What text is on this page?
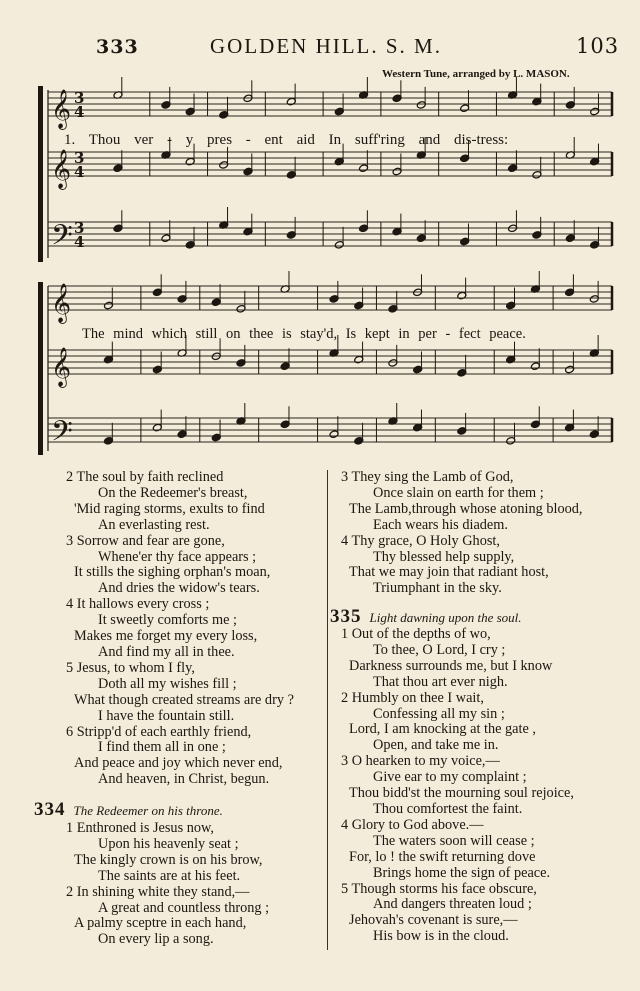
333	GOLDEN HILL. S. M.	103
Western Tune, arranged by L. MASON.
𝄞 3
4
𝄞 3
4
𝄢 3
4
𝄞
𝄞
𝄢
1. Thou ver - y pres - ent aid In suff'ring and dis-tress:
The mind which still on thee is stay'd, Is kept in per - fect peace.
2 The soul by faith reclined
On the Redeemer's breast,
'Mid raging storms, exults to find
An everlasting rest.
3 Sorrow and fear are gone,
Whene'er thy face appears ;
It stills the sighing orphan's moan,
And dries the widow's tears.
4 It hallows every cross ;
It sweetly comforts me ;
Makes me forget my every loss,
And find my all in thee.
5 Jesus, to whom I fly,
Doth all my wishes fill ;
What though created streams are dry ?
I have the fountain still.
6 Stripp'd of each earthly friend,
I find them all in one ;
And peace and joy which never end,
And heaven, in Christ, begun.
334 The Redeemer on his throne.
1 Enthroned is Jesus now,
Upon his heavenly seat ;
The kingly crown is on his brow,
The saints are at his feet.
2 In shining white they stand,—
A great and countless throng ;
A palmy sceptre in each hand,
On every lip a song.
3 They sing the Lamb of God,
Once slain on earth for them ;
The Lamb,through whose atoning blood,
Each wears his diadem.
4 Thy grace, O Holy Ghost,
Thy blessed help supply,
That we may join that radiant host,
Triumphant in the sky.
335 Light dawning upon the soul.
1 Out of the depths of wo,
To thee, O Lord, I cry ;
Darkness surrounds me, but I know
That thou art ever nigh.
2 Humbly on thee I wait,
Confessing all my sin ;
Lord, I am knocking at the gate ,
Open, and take me in.
3 O hearken to my voice,—
Give ear to my complaint ;
Thou bidd'st the mourning soul rejoice,
Thou comfortest the faint.
4 Glory to God above.—
The waters soon will cease ;
For, lo ! the swift returning dove
Brings home the sign of peace.
5 Though storms his face obscure,
And dangers threaten loud ;
Jehovah's covenant is sure,—
His bow is in the cloud.
